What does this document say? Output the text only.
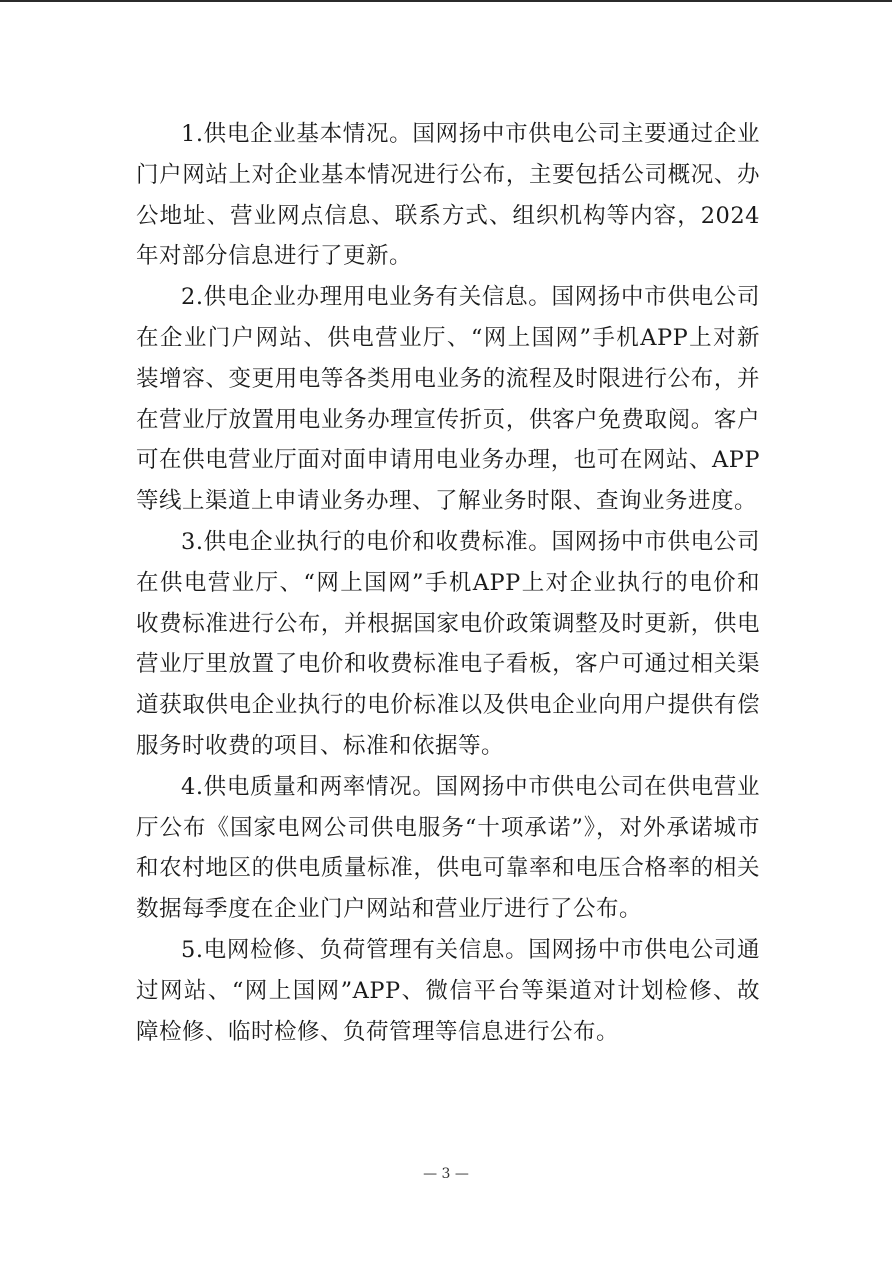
1.供电企业基本情况。国网扬中市供电公司主要通过企业门户网站上对企业基本情况进行公布，主要包括公司概况、办公地址、营业网点信息、联系方式、组织机构等内容，2024年对部分信息进行了更新。

2.供电企业办理用电业务有关信息。国网扬中市供电公司在企业门户网站、供电营业厅、“网上国网”手机APP上对新装增容、变更用电等各类用电业务的流程及时限进行公布，并在营业厅放置用电业务办理宣传折页，供客户免费取阅。客户可在供电营业厅面对面申请用电业务办理，也可在网站、APP等线上渠道上申请业务办理、了解业务时限、查询业务进度。

3.供电企业执行的电价和收费标准。国网扬中市供电公司在供电营业厅、“网上国网”手机APP上对企业执行的电价和收费标准进行公布，并根据国家电价政策调整及时更新，供电营业厅里放置了电价和收费标准电子看板，客户可通过相关渠道获取供电企业执行的电价标准以及供电企业向用户提供有偿服务时收费的项目、标准和依据等。

4.供电质量和两率情况。国网扬中市供电公司在供电营业厅公布《国家电网公司供电服务“十项承诺”》，对外承诺城市和农村地区的供电质量标准，供电可靠率和电压合格率的相关数据每季度在企业门户网站和营业厅进行了公布。

5.电网检修、负荷管理有关信息。国网扬中市供电公司通过网站、“网上国网”APP、微信平台等渠道对计划检修、故障检修、临时检修、负荷管理等信息进行公布。

— 3 —
